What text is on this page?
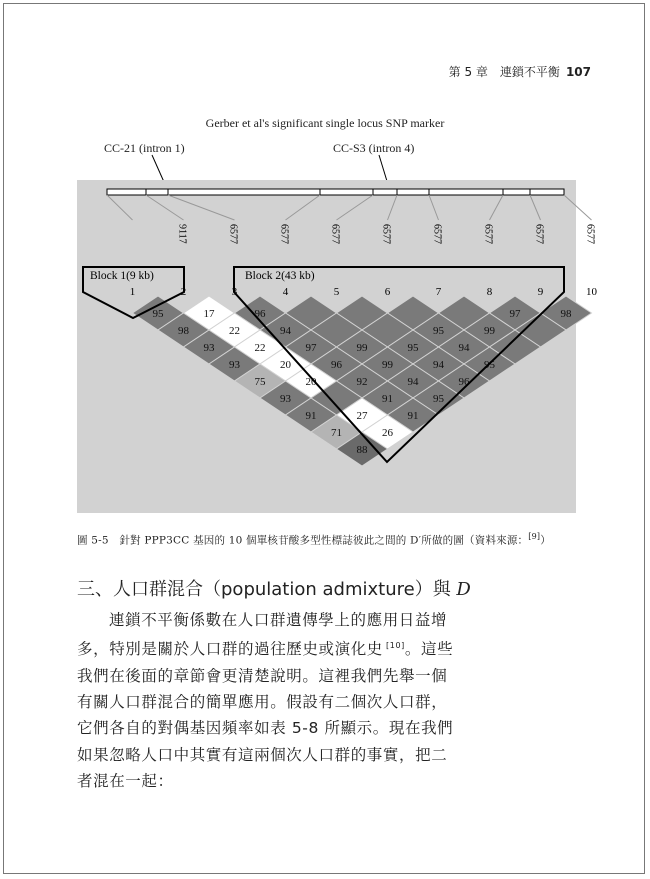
第 5 章　連鎖不平衡 107
Gerber et al's significant single locus SNP marker
CC-21 (intron 1)	CC-S3 (intron 4)
9117	6577	6577	6577	6577	6577	6577	6577	6577
95	17	96	97	98
98	22	94	95	99
93	22	97	99	95	94
93	20	96	99	94	95
75	20	92	94	96
93	91	95
91	27	91
71	26
88
Block 1(9 kb)	Block 2(43 kb)
1	2	3	4	5	6	7	8	9	10
圖 5-5　針對 PPP3CC 基因的 10 個單核苷酸多型性標誌彼此之間的 D′所做的圖（資料來源：[9]）
三、人口群混合（population admixture）與 D
連鎖不平衡係數在人口群遺傳學上的應用日益增
多，特別是關於人口群的過往歷史或演化史 [10]。這些
我們在後面的章節會更清楚說明。這裡我們先舉一個
有關人口群混合的簡單應用。假設有二個次人口群，
它們各自的對偶基因頻率如表 5-8 所顯示。現在我們
如果忽略人口中其實有這兩個次人口群的事實，把二
者混在一起：
